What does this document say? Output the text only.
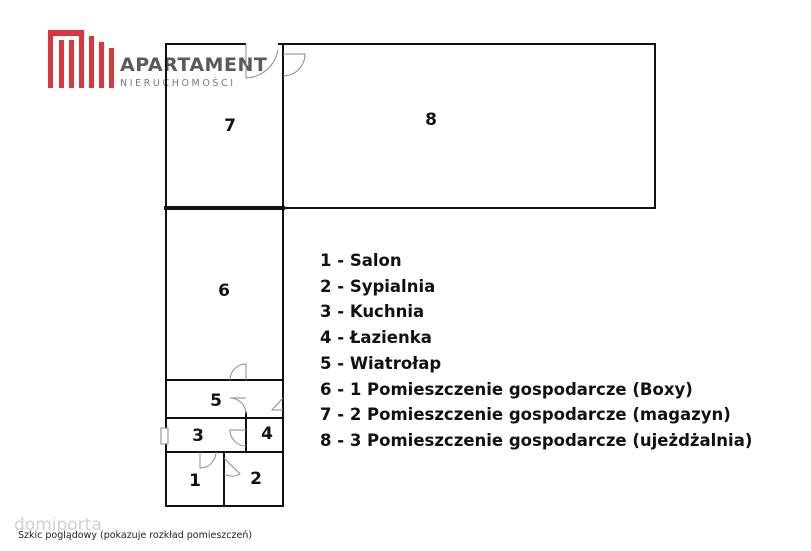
APARTAMENT
NIERUCHOMOŚCI
7	8
6
5
3	4
1	2
1 - Salon
2 - Sypialnia
3 - Kuchnia
4 - Łazienka
5 - Wiatrołap
6 - 1 Pomieszczenie gospodarcze (Boxy)
7 - 2 Pomieszczenie gospodarcze (magazyn)
8 - 3 Pomieszczenie gospodarcze (ujeżdżalnia)
domiporta
Szkic poglądowy (pokazuje rozkład pomieszczeń)
